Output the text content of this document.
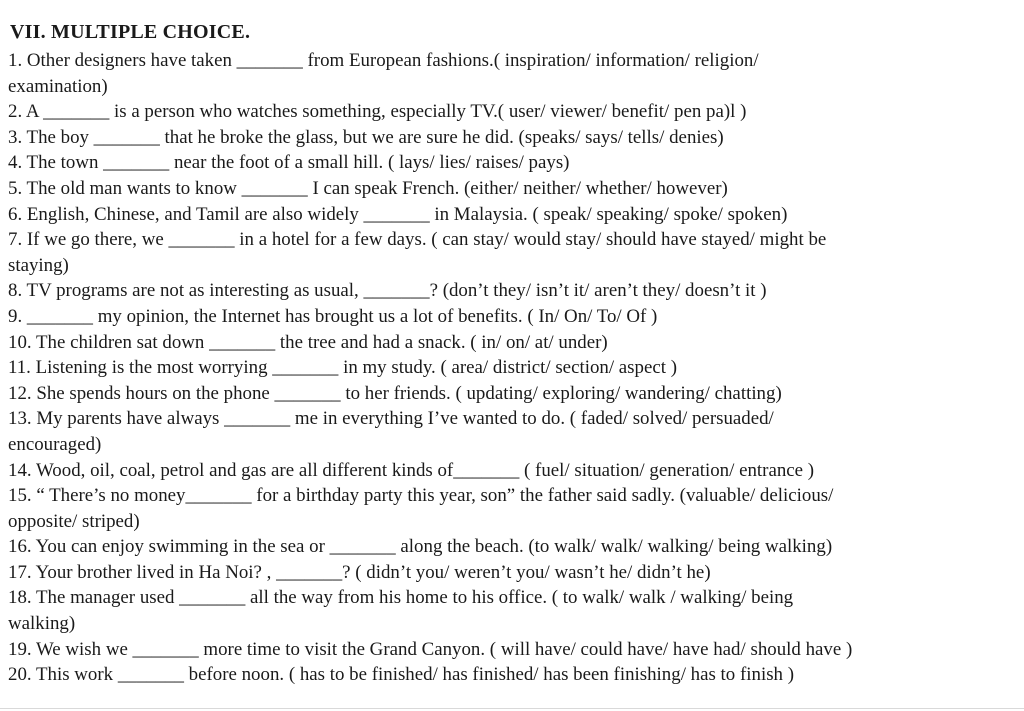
VII. MULTIPLE CHOICE.
1. Other designers have taken _______ from European fashions.( inspiration/ information/ religion/
examination)
2. A _______ is a person who watches something, especially TV.( user/ viewer/ benefit/ pen pa)l )
3. The boy _______ that he broke the glass, but we are sure he did. (speaks/ says/ tells/ denies)
4. The town _______ near the foot of a small hill. ( lays/ lies/ raises/ pays)
5. The old man wants to know _______ I can speak French. (either/ neither/ whether/ however)
6. English, Chinese, and Tamil are also widely _______ in Malaysia. ( speak/ speaking/ spoke/ spoken)
7. If we go there, we _______ in a hotel for a few days. ( can stay/ would stay/ should have stayed/ might be
staying)
8. TV programs are not as interesting as usual, _______? (don’t they/ isn’t it/ aren’t they/ doesn’t it )
9. _______ my opinion, the Internet has brought us a lot of benefits. ( In/ On/ To/ Of )
10. The children sat down _______ the tree and had a snack. ( in/ on/ at/ under)
11. Listening is the most worrying _______ in my study. ( area/ district/ section/ aspect )
12. She spends hours on the phone _______ to her friends. ( updating/ exploring/ wandering/ chatting)
13. My parents have always _______ me in everything I’ve wanted to do. ( faded/ solved/ persuaded/
encouraged)
14. Wood, oil, coal, petrol and gas are all different kinds of_______ ( fuel/ situation/ generation/ entrance )
15. “ There’s no money_______ for a birthday party this year, son” the father said sadly. (valuable/ delicious/
opposite/ striped)
16. You can enjoy swimming in the sea or _______ along the beach. (to walk/ walk/ walking/ being walking)
17. Your brother lived in Ha Noi? , _______? ( didn’t you/ weren’t you/ wasn’t he/ didn’t he)
18. The manager used _______ all the way from his home to his office. ( to walk/ walk / walking/ being
walking)
19. We wish we _______ more time to visit the Grand Canyon. ( will have/ could have/ have had/ should have )
20. This work _______ before noon. ( has to be finished/ has finished/ has been finishing/ has to finish )
